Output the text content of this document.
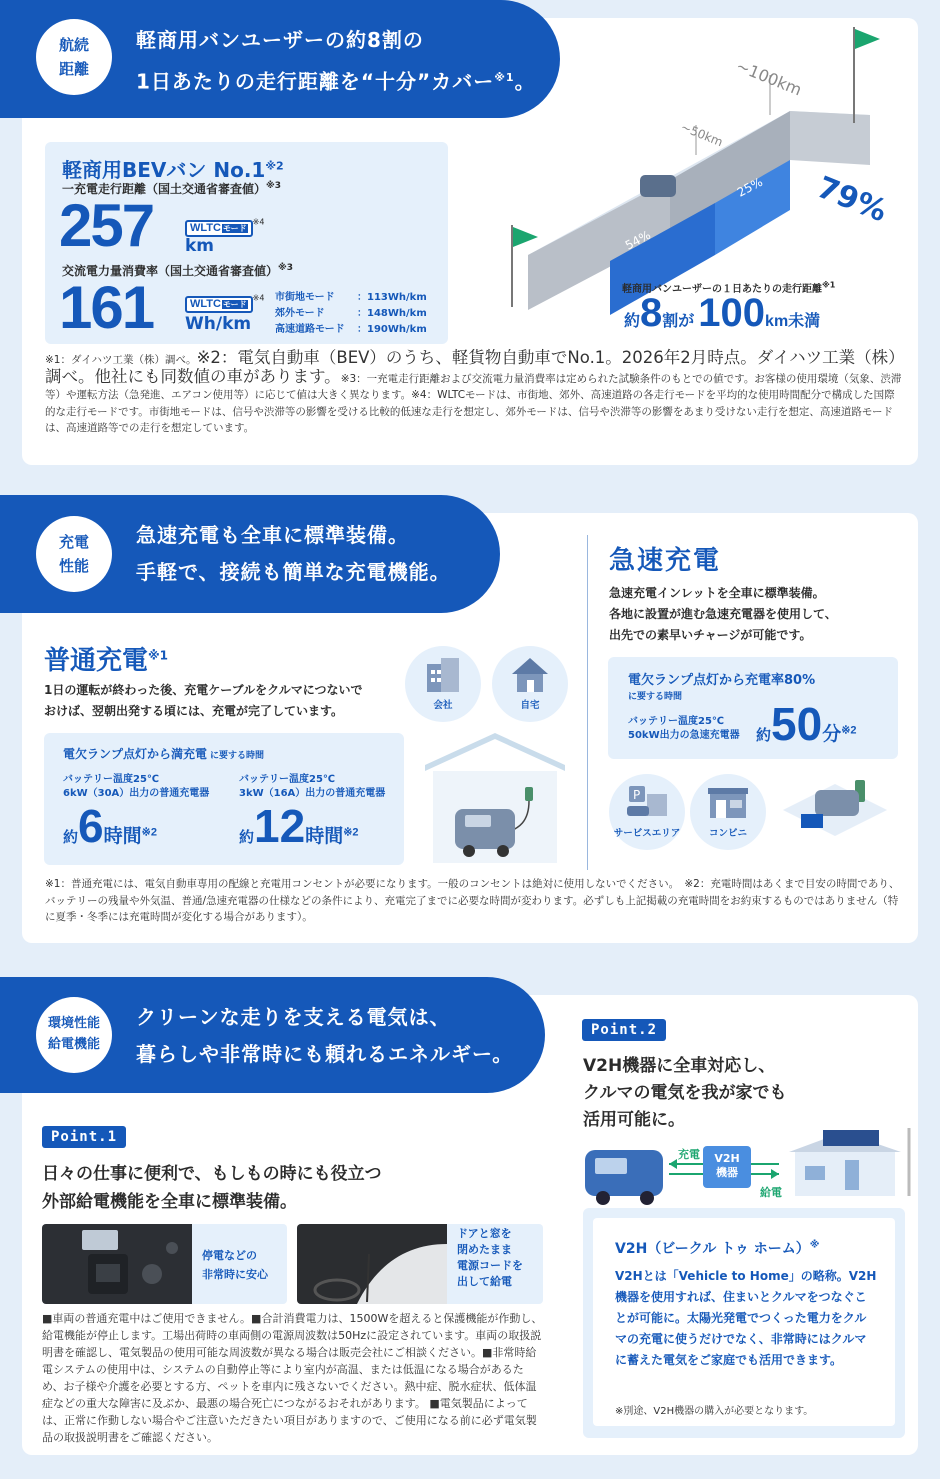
航続
距離
軽商用バンユーザーの約8割の
1日あたりの走行距離を“十分”カバー$^{※1}$。
軽商用BEVバン No.1$^{※2}$
一充電走行距離（国土交通省審査値）$^{※3}$
257	WLTC モード$^{※4}$
km
交流電力量消費率（国土交通省審査値）$^{※3}$
161	WLTC モード$^{※4}$
Wh/km
市街地モード ：113Wh/km
郊外モード	：148Wh/km
高速道路モード ：190Wh/km
~50km
~100km
54%
25% 79%
軽商用バンユーザーの１日あたりの走行距離$^{※1}$
約8割が 100km未満
※1：ダイハツ工業（株）調べ。※2：電気自動車（BEV）のうち、軽貨物自動車でNo.1。2026年2月時点。ダイハツ工業（株）調べ。他社にも同数値の車があります。※3：一充電走行距離および交流電力量消費率は定められた試験条件のもとでの値です。お客様の使用環境（気象、渋滞等）や運転方法（急発進、エアコン使用等）に応じて値は大きく異なります。※4：WLTCモードは、市街地、郊外、高速道路の各走行モードを平均的な使用時間配分で構成した国際的な走行モードです。市街地モードは、信号や渋滞等の影響を受ける比較的低速な走行を想定し、郊外モードは、信号や渋滞等の影響をあまり受けない走行を想定、高速道路モードは、高速道路等での走行を想定しています。
充電
性能
急速充電も全車に標準装備。
手軽で、接続も簡単な充電機能。
普通充電$^{※1}$
1日の運転が終わった後、充電ケーブルをクルマにつないで
おけば、翌朝出発する頃には、充電が完了しています。	会社	自宅
電欠ランプ点灯から満充電 に要する時間
バッテリー温度25℃
6kW（30A）出力の普通充電器
約6時間$^{※2}$
バッテリー温度25℃
3kW（16A）出力の普通充電器
約12時間$^{※2}$
急速充電
急速充電インレットを全車に標準装備。
各地に設置が進む急速充電器を使用して、
出先での素早いチャージが可能です。
電欠ランプ点灯から充電率80%
に要する時間
バッテリー温度25℃
50kW出力の急速充電器 約50分$^{※2}$
P
サービスエリア	コンビニ
※1：普通充電には、電気自動車専用の配線と充電用コンセントが必要になります。一般のコンセントは絶対に使用しないでください。　※2：充電時間はあくまで目安の時間であり、バッテリーの残量や外気温、普通/急速充電器の仕様などの条件により、充電完了までに必要な時間が変わります。必ずしも上記掲載の充電時間をお約束するものではありません（特に夏季・冬季には充電時間が変化する場合があります）。
環境性能
給電機能
クリーンな走りを支える電気は、
暮らしや非常時にも頼れるエネルギー。
Point.1
日々の仕事に便利で、もしもの時にも役立つ
外部給電機能を全車に標準装備。
停電などの
非常時に安心
ドアと窓を
閉めたまま
電源コードを
出して給電
■車両の普通充電中はご使用できません。■合計消費電力は、1500Wを超えると保護機能が作動し、給電機能が停止します。工場出荷時の車両側の電源周波数は50Hzに設定されています。車両の取扱説明書を確認し、電気製品の使用可能な周波数が異なる場合は販売会社にご相談ください。■非常時給電システムの使用中は、システムの自動停止等により室内が高温、または低温になる場合があるため、お子様や介護を必要とする方、ペットを車内に残さないでください。熱中症、脱水症状、低体温症などの重大な障害に及ぶか、最悪の場合死亡につながるおそれがあります。 ■電気製品によっては、正常に作動しない場合やご注意いただきたい項目がありますので、ご使用になる前に必ず電気製品の取扱説明書をご確認ください。
Point.2
V2H機器に全車対応し、
クルマの電気を我が家でも
活用可能に。
充電
給電
V2H
機器
V2H（ビークル トゥ ホーム）※
V2Hとは「Vehicle to Home」の略称。V2H機器を使用すれば、住まいとクルマをつなぐことが可能に。太陽光発電でつくった電力をクルマの充電に使うだけでなく、非常時にはクルマに蓄えた電気をご家庭でも活用できます。
※別途、V2H機器の購入が必要となります。
